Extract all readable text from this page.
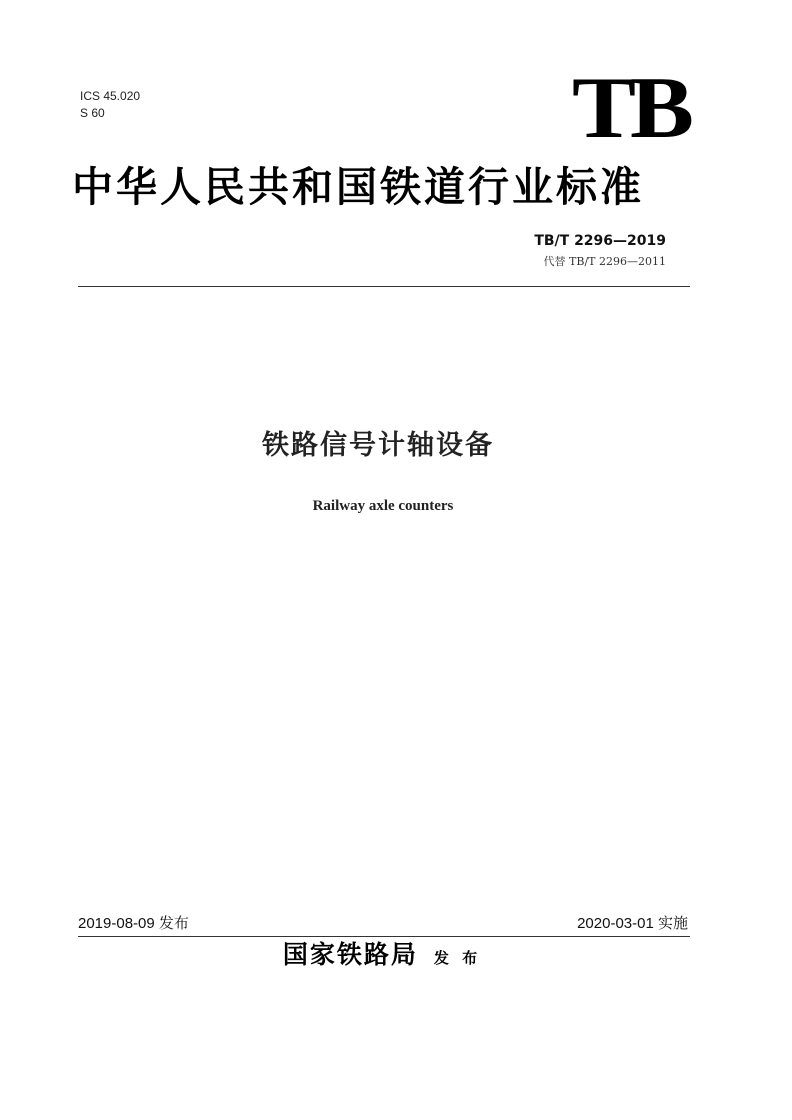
ICS 45.020
S 60	TB
中华人民共和国铁道行业标准
TB/T 2296—2019
代替 TB/T 2296—2011
铁路信号计轴设备
Railway axle counters
2019-08-09 发布	2020-03-01 实施
国家铁路局 发 布
